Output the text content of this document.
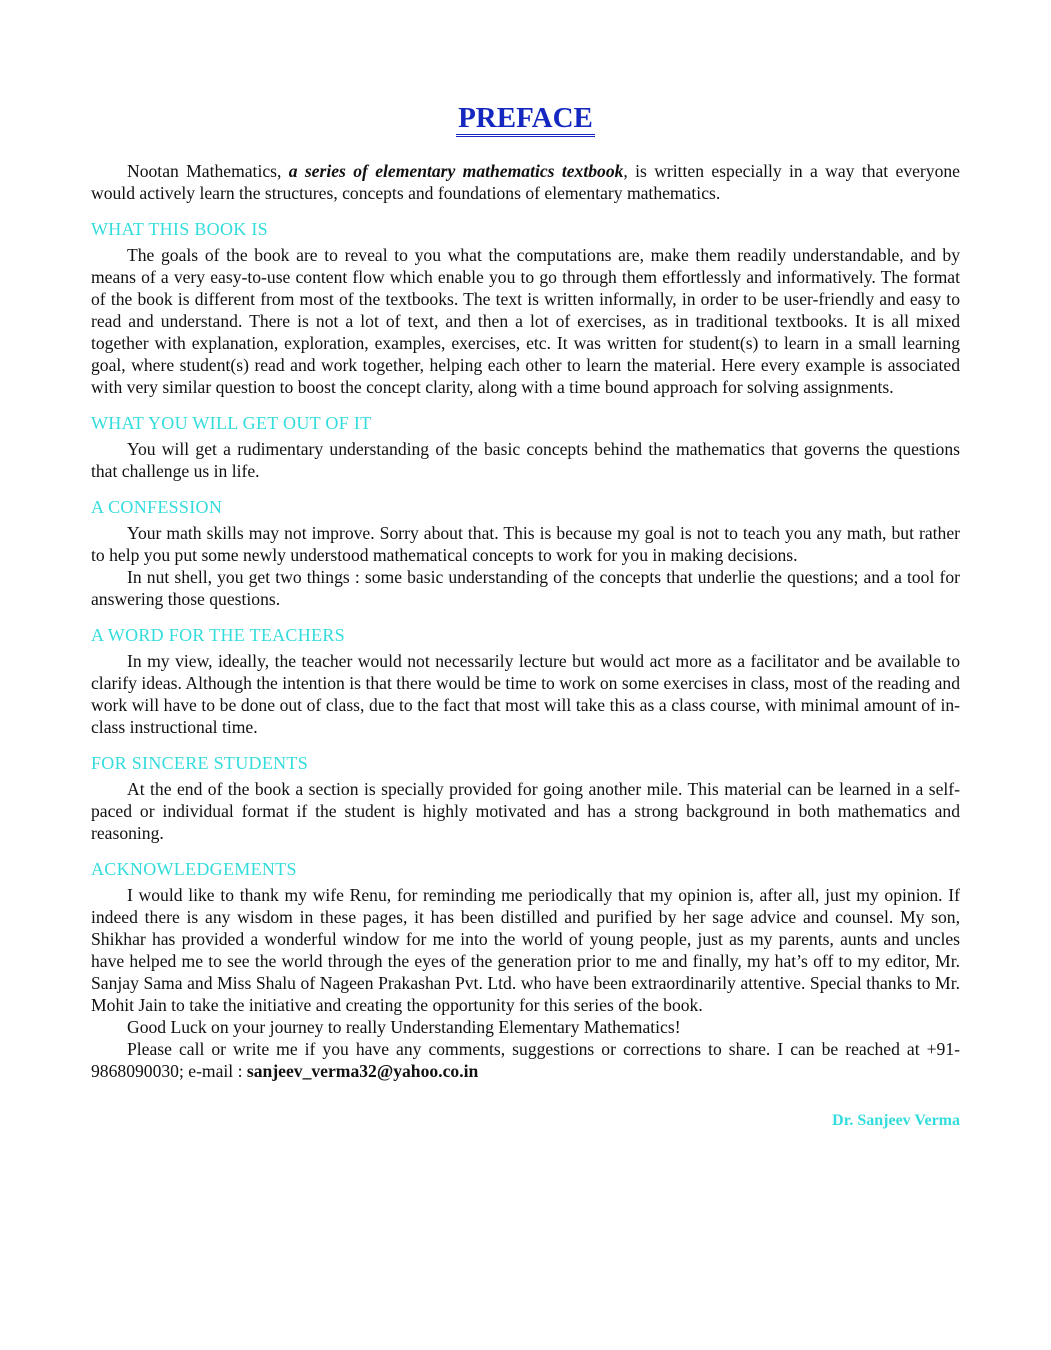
PREFACE

Nootan Mathematics, a series of elementary mathematics textbook, is written especially in a way that everyone would actively learn the structures, concepts and foundations of elementary mathematics.

WHAT THIS BOOK IS

The goals of the book are to reveal to you what the computations are, make them readily understandable, and by means of a very easy-to-use content flow which enable you to go through them effortlessly and informatively. The format of the book is different from most of the textbooks. The text is written informally, in order to be user-friendly and easy to read and understand. There is not a lot of text, and then a lot of exercises, as in traditional textbooks. It is all mixed together with explanation, exploration, examples, exercises, etc. It was written for student(s) to learn in a small learning goal, where student(s) read and work together, helping each other to learn the material. Here every example is associated with very similar question to boost the concept clarity, along with a time bound approach for solving assignments.

WHAT YOU WILL GET OUT OF IT

You will get a rudimentary understanding of the basic concepts behind the mathematics that governs the questions that challenge us in life.

A CONFESSION

Your math skills may not improve. Sorry about that. This is because my goal is not to teach you any math, but rather to help you put some newly understood mathematical concepts to work for you in making decisions.

In nut shell, you get two things : some basic understanding of the concepts that underlie the questions; and a tool for answering those questions.

A WORD FOR THE TEACHERS

In my view, ideally, the teacher would not necessarily lecture but would act more as a facilitator and be available to clarify ideas. Although the intention is that there would be time to work on some exercises in class, most of the reading and work will have to be done out of class, due to the fact that most will take this as a class course, with minimal amount of in-class instructional time.

FOR SINCERE STUDENTS

At the end of the book a section is specially provided for going another mile. This material can be learned in a self-paced or individual format if the student is highly motivated and has a strong background in both mathematics and reasoning.

ACKNOWLEDGEMENTS

I would like to thank my wife Renu, for reminding me periodically that my opinion is, after all, just my opinion. If indeed there is any wisdom in these pages, it has been distilled and purified by her sage advice and counsel. My son, Shikhar has provided a wonderful window for me into the world of young people, just as my parents, aunts and uncles have helped me to see the world through the eyes of the generation prior to me and finally, my hat’s off to my editor, Mr. Sanjay Sama and Miss Shalu of Nageen Prakashan Pvt. Ltd. who have been extraordinarily attentive. Special thanks to Mr. Mohit Jain to take the initiative and creating the opportunity for this series of the book.

Good Luck on your journey to really Understanding Elementary Mathematics!

Please call or write me if you have any comments, suggestions or corrections to share. I can be reached at +91-9868090030; e-mail : sanjeev_verma32@yahoo.co.in

Dr. Sanjeev Verma
